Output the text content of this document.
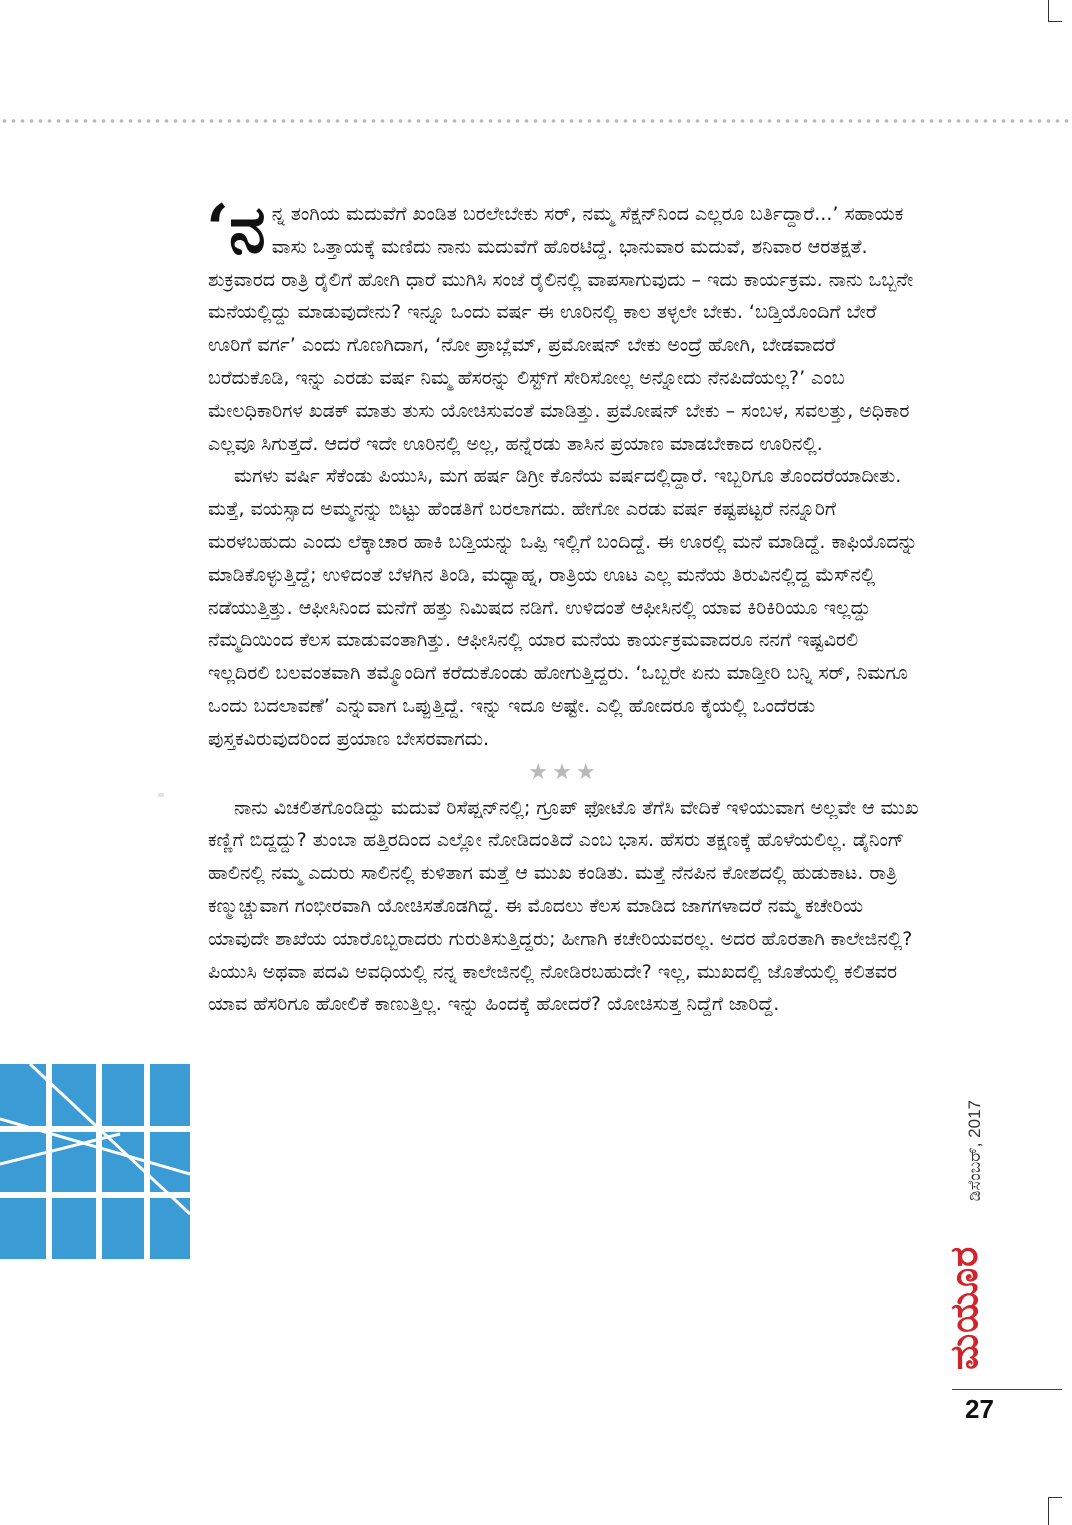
‘ನ ನ್ನ ತಂಗಿಯ ಮದುವೆಗೆ ಖಂಡಿತ ಬರಲೇಬೇಕು ಸರ್, ನಮ್ಮ ಸೆಕ್ಷನ್‌ನಿಂದ ಎಲ್ಲರೂ ಬರ್ತಿದ್ದಾರೆ...’ ಸಹಾಯಕ ವಾಸು ಒತ್ತಾಯಕ್ಕೆ ಮಣಿದು ನಾನು ಮದುವೆಗೆ ಹೊರಟಿದ್ದೆ. ಭಾನುವಾರ ಮದುವೆ, ಶನಿವಾರ ಆರತಕ್ಷತೆ. ಶುಕ್ರವಾರದ ರಾತ್ರಿ ರೈಲಿಗೆ ಹೋಗಿ ಧಾರೆ ಮುಗಿಸಿ ಸಂಜೆ ರೈಲಿನಲ್ಲಿ ವಾಪಸಾಗುವುದು – ಇದು ಕಾರ್ಯಕ್ರಮ. ನಾನು ಒಬ್ಬನೇ ಮನೆಯಲ್ಲಿದ್ದು ಮಾಡುವುದೇನು? ಇನ್ನೂ ಒಂದು ವರ್ಷ ಈ ಊರಿನಲ್ಲಿ ಕಾಲ ತಳ್ಳಲೇ ಬೇಕು. ‘ಬಡ್ತಿಯೊಂದಿಗೆ ಬೇರೆ ಊರಿಗೆ ವರ್ಗ’ ಎಂದು ಗೊಣಗಿದಾಗ, ‘ನೋ ಪ್ರಾಬ್ಲೆಮ್, ಪ್ರಮೋಷನ್ ಬೇಕು ಅಂದ್ರೆ ಹೋಗಿ, ಬೇಡವಾದರೆ ಬರೆದುಕೊಡಿ, ಇನ್ನು ಎರಡು ವರ್ಷ ನಿಮ್ಮ ಹೆಸರನ್ನು ಲಿಸ್ಟ್‌ಗೆ ಸೇರಿಸೋಲ್ಲ ಅನ್ನೋದು ನೆನಪಿದೆಯಲ್ಲ?’ ಎಂಬ ಮೇಲಧಿಕಾರಿಗಳ ಖಡಕ್ ಮಾತು ತುಸು ಯೋಚಿಸುವಂತೆ ಮಾಡಿತ್ತು. ಪ್ರಮೋಷನ್ ಬೇಕು – ಸಂಬಳ, ಸವಲತ್ತು, ಅಧಿಕಾರ ಎಲ್ಲವೂ ಸಿಗುತ್ತದೆ. ಆದರೆ ಇದೇ ಊರಿನಲ್ಲಿ ಅಲ್ಲ, ಹನ್ನೆರಡು ತಾಸಿನ ಪ್ರಯಾಣ ಮಾಡಬೇಕಾದ ಊರಿನಲ್ಲಿ.

ಮಗಳು ವರ್ಷಿ ಸೆಕೆಂಡು ಪಿಯುಸಿ, ಮಗ ಹರ್ಷ ಡಿಗ್ರೀ ಕೊನೆಯ ವರ್ಷದಲ್ಲಿದ್ದಾರೆ. ಇಬ್ಬರಿಗೂ ತೊಂದರೆಯಾದೀತು. ಮತ್ತೆ, ವಯಸ್ಸಾದ ಅಮ್ಮನನ್ನು ಬಿಟ್ಟು ಹೆಂಡತಿಗೆ ಬರಲಾಗದು. ಹೇಗೋ ಎರಡು ವರ್ಷ ಕಷ್ಟಪಟ್ಟರೆ ನನ್ನೂರಿಗೆ ಮರಳಬಹುದು ಎಂದು ಲೆಕ್ಕಾಚಾರ ಹಾಕಿ ಬಡ್ತಿಯನ್ನು ಒಪ್ಪಿ ಇಲ್ಲಿಗೆ ಬಂದಿದ್ದೆ. ಈ ಊರಲ್ಲಿ ಮನೆ ಮಾಡಿದ್ದೆ. ಕಾಫಿಯೊದನ್ನು ಮಾಡಿಕೊಳ್ಳುತ್ತಿದ್ದೆ; ಉಳಿದಂತೆ ಬೆಳಗಿನ ತಿಂಡಿ, ಮಧ್ಯಾಹ್ನ, ರಾತ್ರಿಯ ಊಟ ಎಲ್ಲ ಮನೆಯ ತಿರುವಿನಲ್ಲಿದ್ದ ಮೆಸ್‌ನಲ್ಲಿ ನಡೆಯುತ್ತಿತ್ತು. ಆಫೀಸಿನಿಂದ ಮನೆಗೆ ಹತ್ತು ನಿಮಿಷದ ನಡಿಗೆ. ಉಳಿದಂತೆ ಆಫೀಸಿನಲ್ಲಿ ಯಾವ ಕಿರಿಕಿರಿಯೂ ಇಲ್ಲದ್ದು ನೆಮ್ಮದಿಯಿಂದ ಕೆಲಸ ಮಾಡುವಂತಾಗಿತ್ತು. ಆಫೀಸಿನಲ್ಲಿ ಯಾರ ಮನೆಯ ಕಾರ್ಯಕ್ರಮವಾದರೂ ನನಗೆ ಇಷ್ಟವಿರಲಿ ಇಲ್ಲದಿರಲಿ ಬಲವಂತವಾಗಿ ತಮ್ಮೊಂದಿಗೆ ಕರೆದುಕೊಂಡು ಹೋಗುತ್ತಿದ್ದರು. ‘ಒಬ್ಬರೇ ಏನು ಮಾಡ್ತೀರಿ ಬನ್ನಿ ಸರ್, ನಿಮಗೂ ಒಂದು ಬದಲಾವಣೆ’ ಎನ್ನುವಾಗ ಒಪ್ಪುತ್ತಿದ್ದೆ. ಇನ್ನು ಇದೂ ಅಷ್ಟೇ. ಎಲ್ಲಿ ಹೋದರೂ ಕೈಯಲ್ಲಿ ಒಂದೆರಡು ಪುಸ್ತಕವಿರುವುದರಿಂದ ಪ್ರಯಾಣ ಬೇಸರವಾಗದು.

★★★

ನಾನು ವಿಚಲಿತಗೊಂಡಿದ್ದು ಮದುವೆ ರಿಸೆಪ್ಷನ್‌ನಲ್ಲಿ; ಗ್ರೂಪ್ ಫೋಟೊ ತೆಗೆಸಿ ವೇದಿಕೆ ಇಳಿಯುವಾಗ ಅಲ್ಲವೇ ಆ ಮುಖ ಕಣ್ಣಿಗೆ ಬಿದ್ದದ್ದು? ತುಂಬಾ ಹತ್ತಿರದಿಂದ ಎಲ್ಲೋ ನೋಡಿದಂತಿದೆ ಎಂಬ ಭಾಸ. ಹೆಸರು ತಕ್ಷಣಕ್ಕೆ ಹೊಳೆಯಲಿಲ್ಲ. ಡೈನಿಂಗ್ ಹಾಲಿನಲ್ಲಿ ನಮ್ಮ ಎದುರು ಸಾಲಿನಲ್ಲಿ ಕುಳಿತಾಗ ಮತ್ತೆ ಆ ಮುಖ ಕಂಡಿತು. ಮತ್ತೆ ನೆನಪಿನ ಕೋಶದಲ್ಲಿ ಹುಡುಕಾಟ. ರಾತ್ರಿ ಕಣ್ಮುಚ್ಚುವಾಗ ಗಂಭೀರವಾಗಿ ಯೋಚಿಸತೊಡಗಿದ್ದೆ. ಈ ಮೊದಲು ಕೆಲಸ ಮಾಡಿದ ಜಾಗಗಳಾದರೆ ನಮ್ಮ ಕಚೇರಿಯ ಯಾವುದೇ ಶಾಖೆಯ ಯಾರೊಬ್ಬರಾದರು ಗುರುತಿಸುತ್ತಿದ್ದರು; ಹೀಗಾಗಿ ಕಚೇರಿಯವರಲ್ಲ. ಅದರ ಹೊರತಾಗಿ ಕಾಲೇಜಿನಲ್ಲಿ? ಪಿಯುಸಿ ಅಥವಾ ಪದವಿ ಅವಧಿಯಲ್ಲಿ ನನ್ನ ಕಾಲೇಜಿನಲ್ಲಿ ನೋಡಿರಬಹುದೇ? ಇಲ್ಲ, ಮುಖದಲ್ಲಿ ಜೊತೆಯಲ್ಲಿ ಕಲಿತವರ ಯಾವ ಹೆಸರಿಗೂ ಹೋಲಿಕೆ ಕಾಣುತ್ತಿಲ್ಲ. ಇನ್ನು ಹಿಂದಕ್ಕೆ ಹೋದರೆ? ಯೋಚಿಸುತ್ತ ನಿದ್ದೆಗೆ ಜಾರಿದ್ದೆ.

ಡಿಸೆಂಬರ್, 2017
ಮಯೂರ
27
